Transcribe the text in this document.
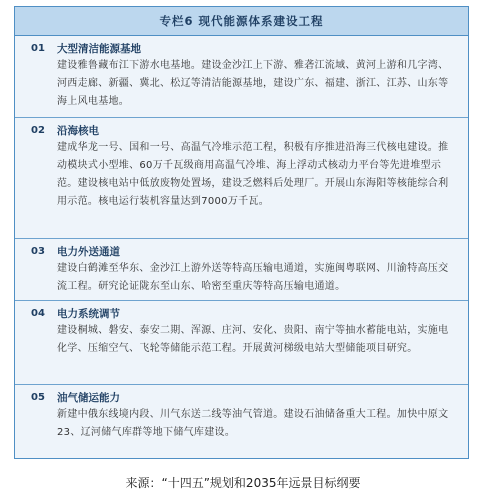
专栏6 现代能源体系建设工程
01	大型清洁能源基地
建设雅鲁藏布江下游水电基地。建设金沙江上下游、雅砻江流域、黄河上游和几字湾、河西走廊、新疆、冀北、松辽等清洁能源基地，建设广东、福建、浙江、江苏、山东等海上风电基地。
02	沿海核电
建成华龙一号、国和一号、高温气冷堆示范工程，积极有序推进沿海三代核电建设。推动模块式小型堆、60万千瓦级商用高温气冷堆、海上浮动式核动力平台等先进堆型示范。建设核电站中低放废物处置场，建设乏燃料后处理厂。开展山东海阳等核能综合利用示范。核电运行装机容量达到7000万千瓦。
03	电力外送通道
建设白鹤滩至华东、金沙江上游外送等特高压输电通道，实施闽粤联网、川渝特高压交流工程。研究论证陇东至山东、哈密至重庆等特高压输电通道。
04	电力系统调节
建设桐城、磐安、泰安二期、浑源、庄河、安化、贵阳、南宁等抽水蓄能电站，实施电化学、压缩空气、飞轮等储能示范工程。开展黄河梯级电站大型储能项目研究。
05	油气储运能力
新建中俄东线境内段、川气东送二线等油气管道。建设石油储备重大工程。加快中原文23、辽河储气库群等地下储气库建设。
来源：“十四五”规划和2035年远景目标纲要
